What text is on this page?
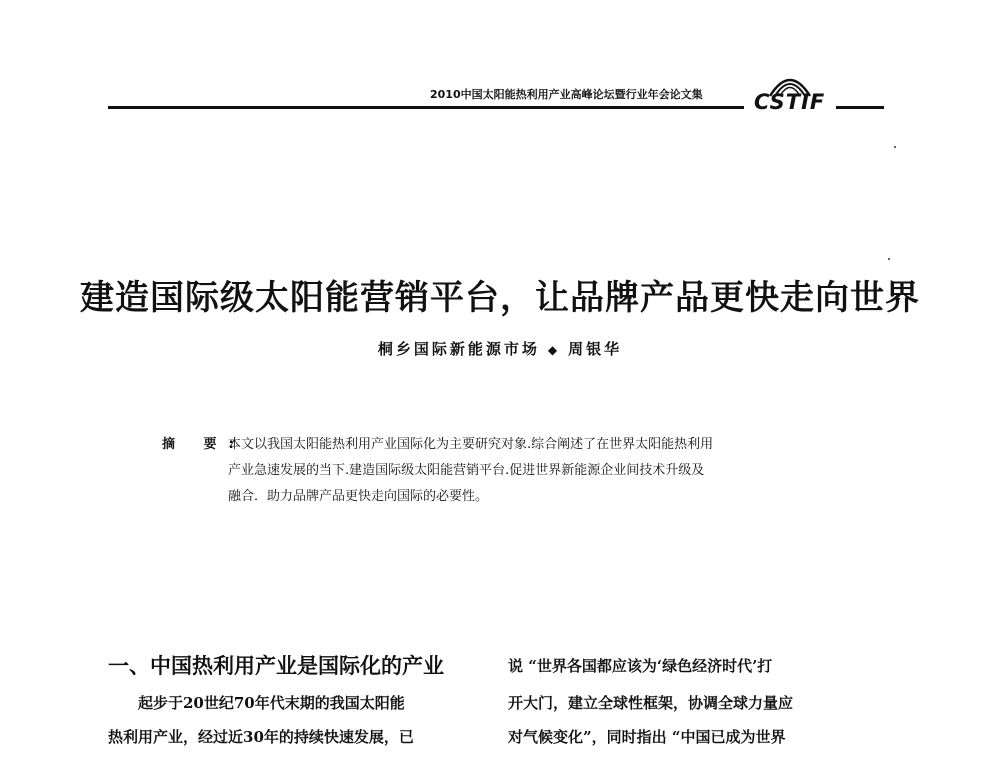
2010中国太阳能热利用产业高峰论坛暨行业年会论文集 CSTIF
建造国际级太阳能营销平台，让品牌产品更快走向世界
桐乡国际新能源市场 ◆ 周银华
摘 要:
本文以我国太阳能热利用产业国际化为主要研究对象.综合阐述了在世界太阳能热利用
产业急速发展的当下.建造国际级太阳能营销平台.促进世界新能源企业间技术升级及
融合．助力品牌产品更快走向国际的必要性。
一、中国热利用产业是国际化的产业
起步于20世纪70年代末期的我国太阳能
热利用产业，经过近30年的持续快速发展，已
说 “世界各国都应该为‘绿色经济时代’打
开大门，建立全球性框架，协调全球力量应
对气候变化”，同时指出 “中国已成为世界
